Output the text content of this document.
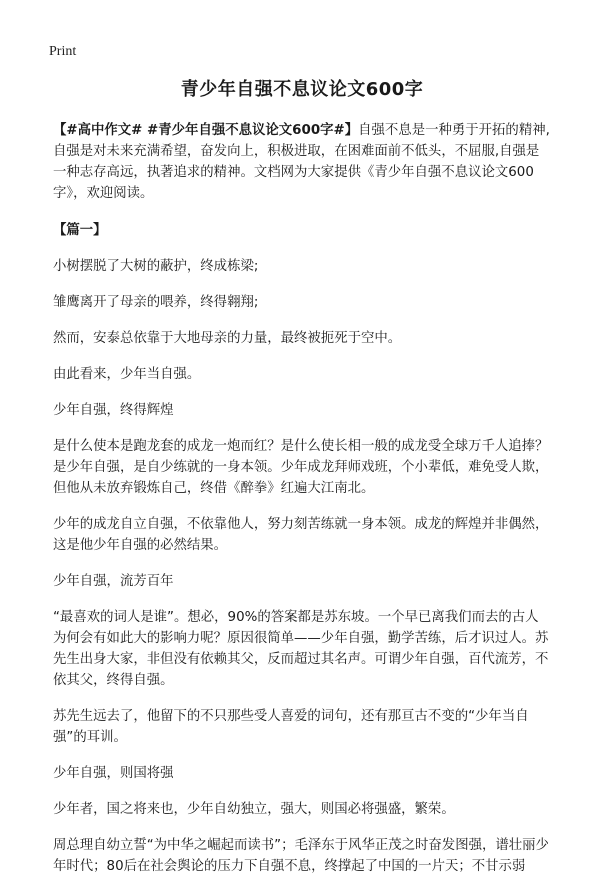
Print
青少年自强不息议论文600字

【#高中作文# #青少年自强不息议论文600字#】自强不息是一种勇于开拓的精神,自强是对未来充满希望，奋发向上，积极进取，在困难面前不低头，不屈服,自强是一种志存高远，执著追求的精神。文档网为大家提供《青少年自强不息议论文600字》，欢迎阅读。

【篇一】

小树摆脱了大树的蔽护，终成栋梁;

雏鹰离开了母亲的喂养，终得翱翔;

然而，安泰总依靠于大地母亲的力量，最终被扼死于空中。

由此看来，少年当自强。

少年自强，终得辉煌

是什么使本是跑龙套的成龙一炮而红？是什么使长相一般的成龙受全球万千人追捧？是少年自强，是自少练就的一身本领。少年成龙拜师戏班，个小辈低，难免受人欺，但他从未放弃锻炼自己，终借《醉拳》红遍大江南北。

少年的成龙自立自强，不依靠他人，努力刻苦练就一身本领。成龙的辉煌并非偶然，这是他少年自强的必然结果。

少年自强，流芳百年

“最喜欢的词人是谁”。想必，90%的答案都是苏东坡。一个早已离我们而去的古人为何会有如此大的影响力呢？原因很简单——少年自强，勤学苦练，后才识过人。苏先生出身大家，非但没有依赖其父，反而超过其名声。可谓少年自强，百代流芳，不依其父，终得自强。

苏先生远去了，他留下的不只那些受人喜爱的词句，还有那亘古不变的“少年当自强”的耳训。

少年自强，则国将强

少年者，国之将来也，少年自幼独立，强大，则国必将强盛，繁荣。

周总理自幼立誓“为中华之崛起而读书”；毛泽东于风华正茂之时奋发图强，谱壮丽少年时代；80后在社会舆论的压力下自强不息，终撑起了中国的一片天；不甘示弱
